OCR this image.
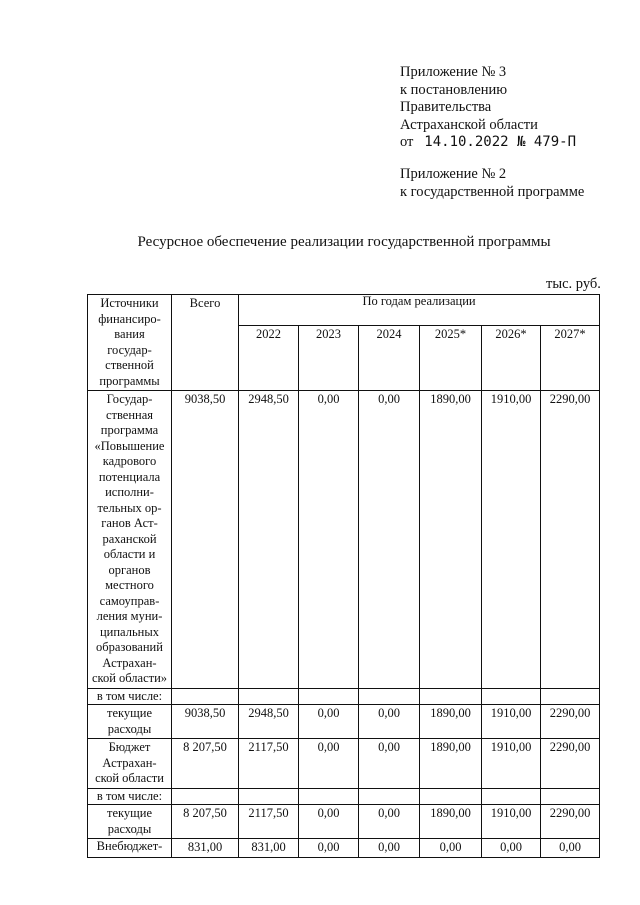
Приложение № 3
к постановлению
Правительства
Астраханской области
от 14.10.2022 № 479-П
Приложение № 2
к государственной программе
Ресурсное обеспечение реализации государственной программы
тыс. руб.
Источники финансиро-вания государ-ственной программы	Всего	По годам реализации					
		2022	2023	2024	2025*	2026*	2027*
Государ-ственная программа «Повышение кадрового потенциала исполни-тельных ор-ганов Аст-раханской области и органов местного самоуправ-ления муни-ципальных образований Астрахан-ской области»	9038,50	2948,50	0,00	0,00	1890,00	1910,00	2290,00
в том числе:							
текущие расходы	9038,50	2948,50	0,00	0,00	1890,00	1910,00	2290,00
Бюджет Астрахан-ской области	8 207,50	2117,50	0,00	0,00	1890,00	1910,00	2290,00
в том числе:							
текущие расходы	8 207,50	2117,50	0,00	0,00	1890,00	1910,00	2290,00
Внебюджет-	831,00	831,00	0,00	0,00	0,00	0,00	0,00
